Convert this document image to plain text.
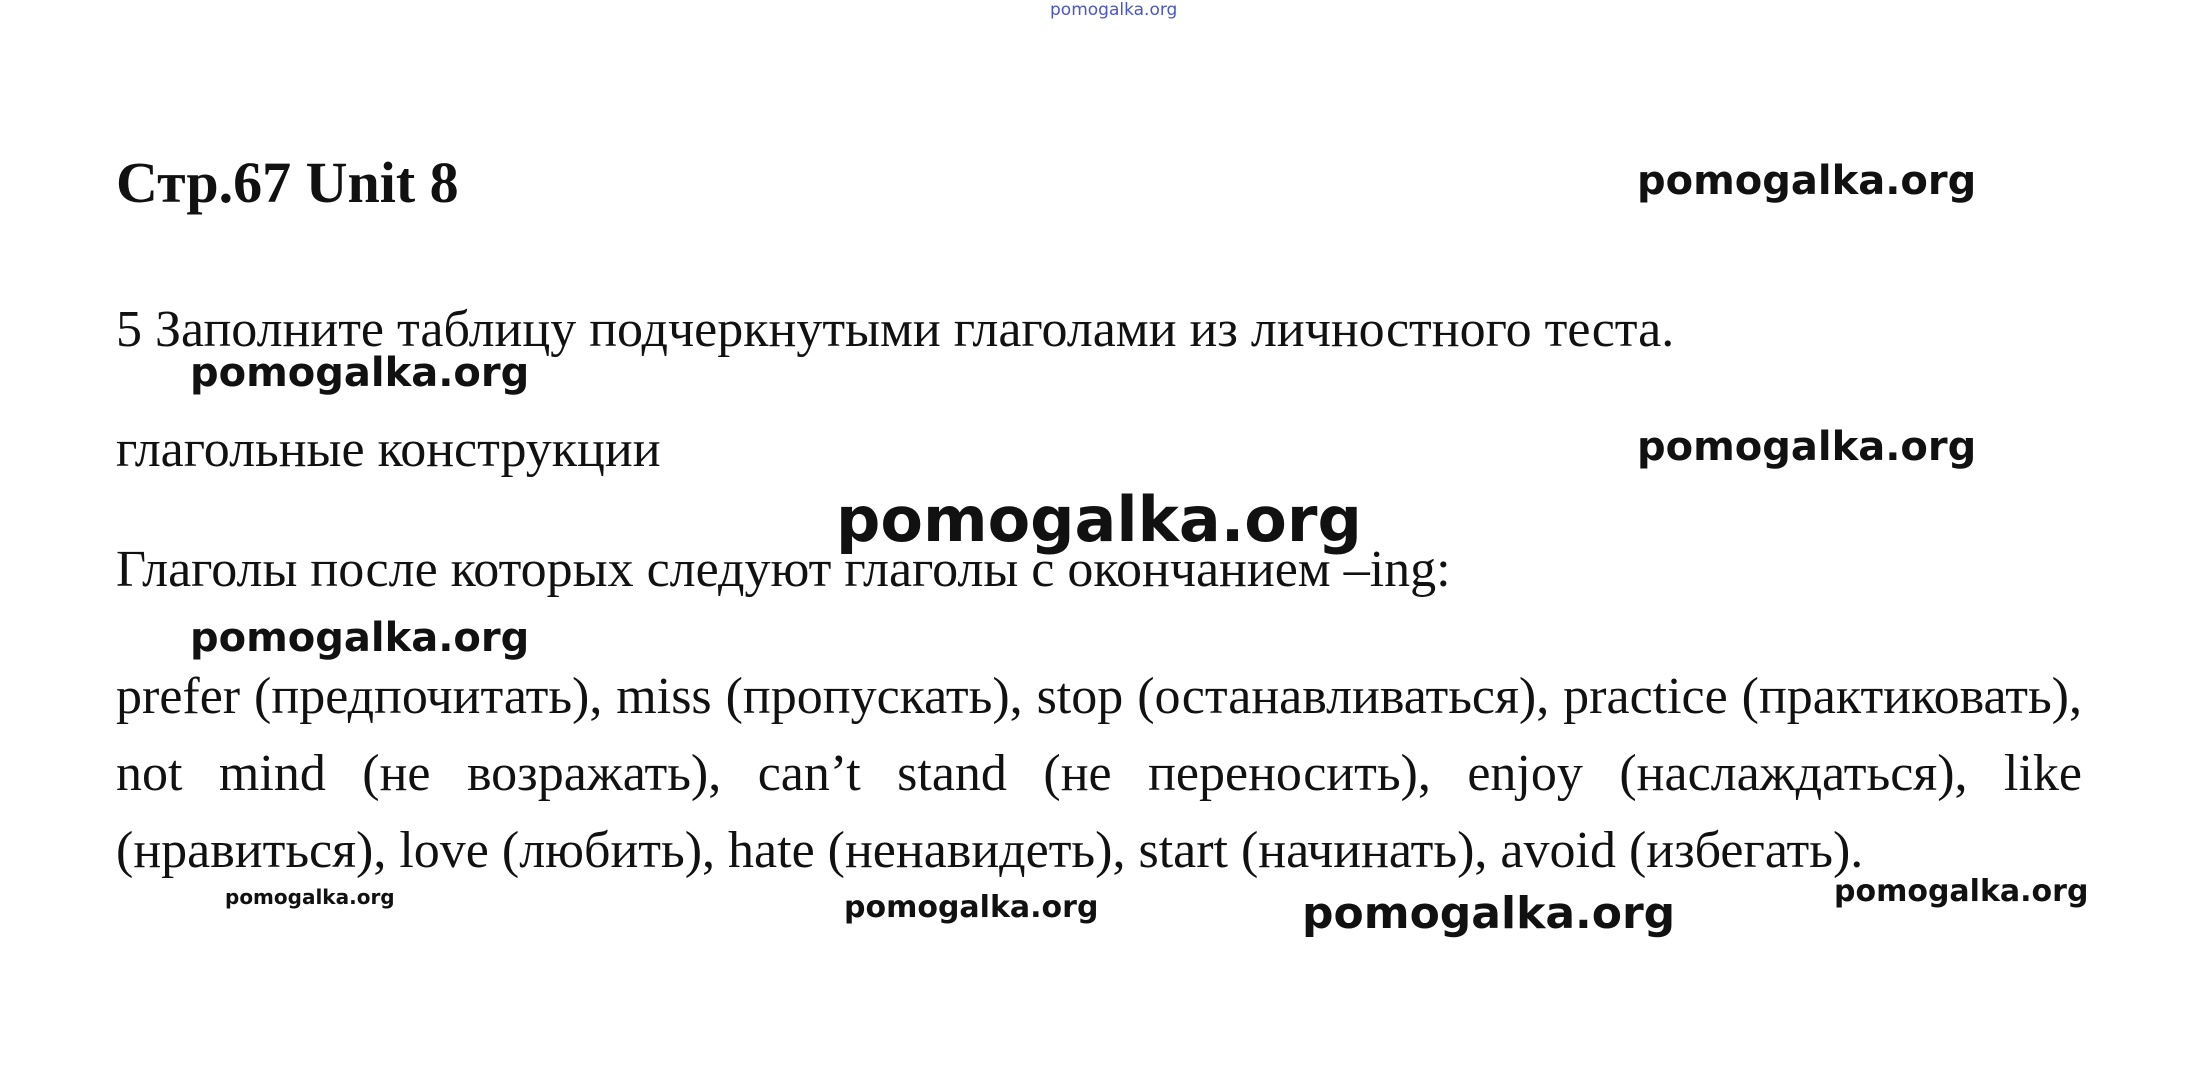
pomogalka.org
Стр.67 Unit 8	pomogalka.org
5 Заполните таблицу подчеркнутыми глаголами из личностного теста.
pomogalka.org
глагольные конструкции	pomogalka.org
Глаголы после которых следуют глаголы с окончанием –ing:
pomogalka.org
pomogalka.org
prefer (предпочитать), miss (пропускать), stop (останавливаться), practice (практиковать), not mind (не возражать), can’t stand (не переносить), enjoy (наслаждаться), like (нравиться), love (любить), hate (ненавидеть), start (начинать), avoid (избегать).
pomogalka.org	pomogalka.org	pomogalka.org	pomogalka.org
